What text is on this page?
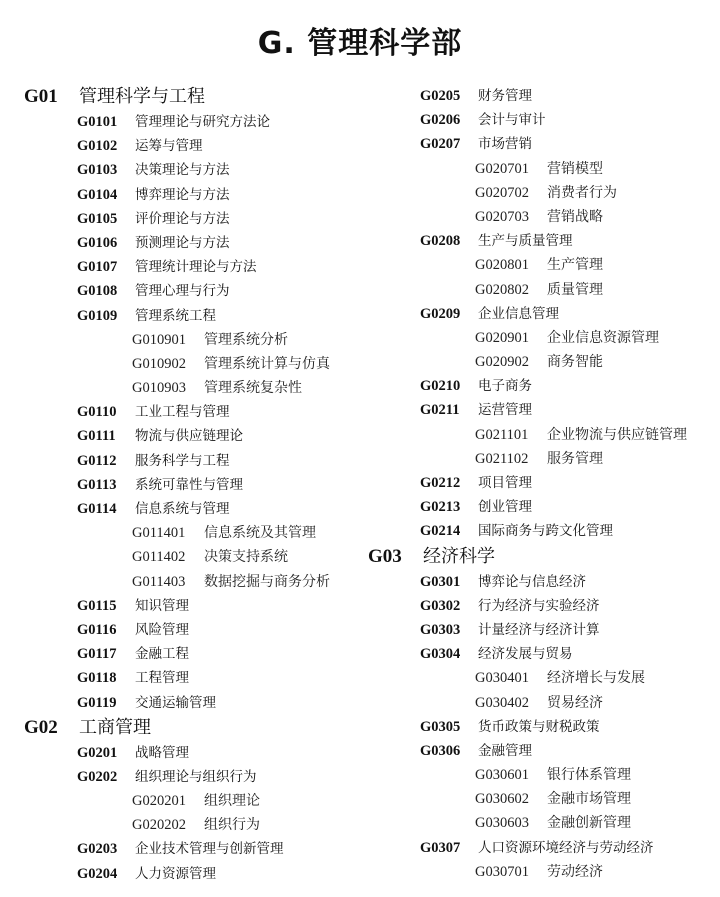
G. 管理科学部
G01	管理科学与工程
G0101	管理理论与研究方法论
G0102	运筹与管理
G0103	决策理论与方法
G0104	博弈理论与方法
G0105	评价理论与方法
G0106	预测理论与方法
G0107	管理统计理论与方法
G0108	管理心理与行为
G0109	管理系统工程
G010901	管理系统分析
G010902	管理系统计算与仿真
G010903	管理系统复杂性
G0110	工业工程与管理
G0111	物流与供应链理论
G0112	服务科学与工程
G0113	系统可靠性与管理
G0114	信息系统与管理
G011401	信息系统及其管理
G011402	决策支持系统
G011403	数据挖掘与商务分析
G0115	知识管理
G0116	风险管理
G0117	金融工程
G0118	工程管理
G0119	交通运输管理
G02	工商管理
G0201	战略管理
G0202	组织理论与组织行为
G020201	组织理论
G020202	组织行为
G0203	企业技术管理与创新管理
G0204	人力资源管理
G0205	财务管理
G0206	会计与审计
G0207	市场营销
G020701	营销模型
G020702	消费者行为
G020703	营销战略
G0208	生产与质量管理
G020801	生产管理
G020802	质量管理
G0209	企业信息管理
G020901	企业信息资源管理
G020902	商务智能
G0210	电子商务
G0211	运营管理
G021101	企业物流与供应链管理
G021102	服务管理
G0212	项目管理
G0213	创业管理
G0214	国际商务与跨文化管理
G03	经济科学
G0301	博弈论与信息经济
G0302	行为经济与实验经济
G0303	计量经济与经济计算
G0304	经济发展与贸易
G030401	经济增长与发展
G030402	贸易经济
G0305	货币政策与财税政策
G0306	金融管理
G030601	银行体系管理
G030602	金融市场管理
G030603	金融创新管理
G0307	人口资源环境经济与劳动经济
G030701	劳动经济
